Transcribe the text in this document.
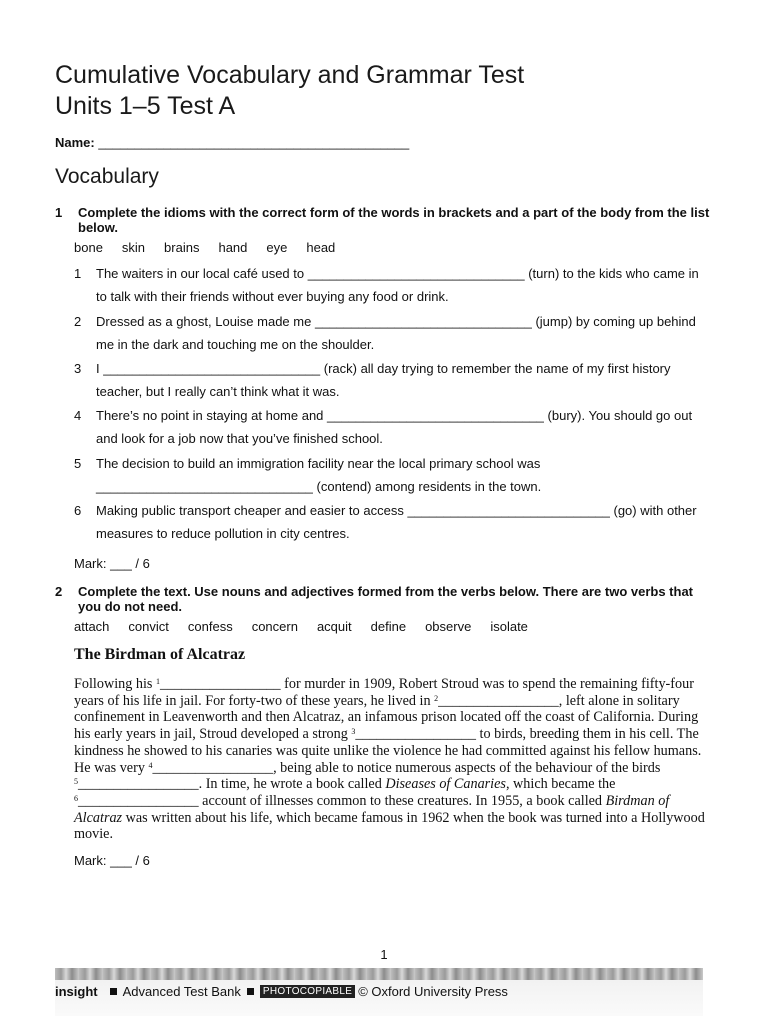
Cumulative Vocabulary and Grammar Test
Units 1–5 Test A
Name: ___________________________________________
Vocabulary
1 Complete the idioms with the correct form of the words in brackets and a part of the body from the list below.
bone skin brains hand eye head
1 The waiters in our local café used to ______________________________ (turn) to the kids who came in to talk with their friends without ever buying any food or drink.
2 Dressed as a ghost, Louise made me ______________________________ (jump) by coming up behind me in the dark and touching me on the shoulder.
3 I ______________________________ (rack) all day trying to remember the name of my first history teacher, but I really can’t think what it was.
4 There’s no point in staying at home and ______________________________ (bury). You should go out and look for a job now that you’ve finished school.
5 The decision to build an immigration facility near the local primary school was ______________________________ (contend) among residents in the town.
6 Making public transport cheaper and easier to access ____________________________ (go) with other measures to reduce pollution in city centres.
Mark: ___ / 6
2 Complete the text. Use nouns and adjectives formed from the verbs below. There are two verbs that you do not need.
attach convict confess concern acquit define observe isolate
The Birdman of Alcatraz
Following his $^1$_________________ for murder in 1909, Robert Stroud was to spend the remaining fifty-four years of his life in jail. For forty-two of these years, he lived in $^2$_________________, left alone in solitary confinement in Leavenworth and then Alcatraz, an infamous prison located off the coast of California. During his early years in jail, Stroud developed a strong $^3$_________________ to birds, breeding them in his cell. The kindness he showed to his canaries was quite unlike the violence he had committed against his fellow humans. He was very $^4$_________________, being able to notice numerous aspects of the behaviour of the birds $^5$_________________. In time, he wrote a book called Diseases of Canaries, which became the $^6$_________________ account of illnesses common to these creatures. In 1955, a book called Birdman of Alcatraz was written about his life, which became famous in 1962 when the book was turned into a Hollywood movie.
Mark: ___ / 6
1
insight Advanced Test Bank	PHOTOCOPIABLE © Oxford University Press
